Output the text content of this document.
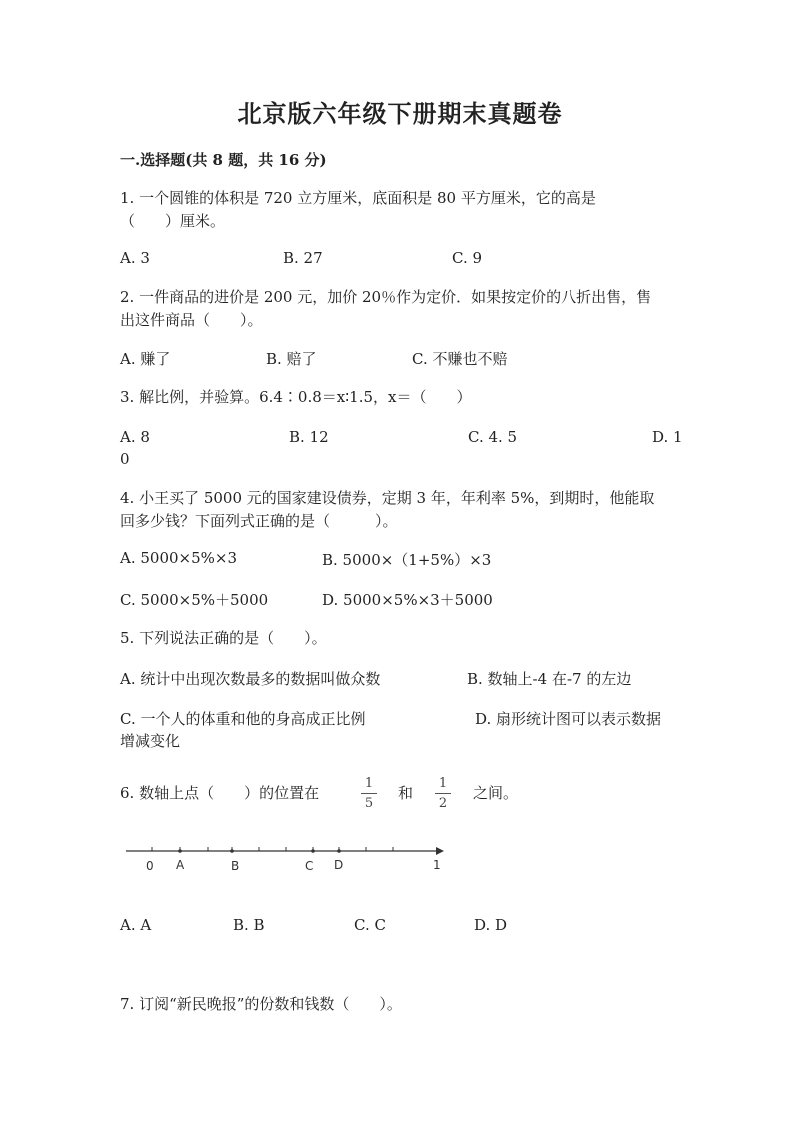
北京版六年级下册期末真题卷
一.选择题(共 8 题，共 16 分)
1. 一个圆锥的体积是 720 立方厘米，底面积是 80 平方厘米，它的高是
（　　）厘米。
A. 3	B. 27	C. 9
2. 一件商品的进价是 200 元，加价 20％作为定价．如果按定价的八折出售，售
出这件商品（　　）。
A. 赚了	B. 赔了	C. 不赚也不赔
3. 解比例，并验算。6.4∶0.8＝x∶1.5，x＝（　　）
A. 8	B. 12	C. 4. 5	D. 1
0
4. 小王买了 5000 元的国家建设债券，定期 3 年，年利率 5%，到期时，他能取
回多少钱？下面列式正确的是（　　　）。
A. 5000×5%×3	B. 5000×（1+5%）×3
C. 5000×5%＋5000	D. 5000×5%×3＋5000
5. 下列说法正确的是（　　）。
A. 统计中出现次数最多的数据叫做众数	B. 数轴上-4 在-7 的左边
C. 一个人的体重和他的身高成正比例	D. 扇形统计图可以表示数据
增减变化
6. 数轴上点（　　）的位置在
1
5
和
1
2
之间。
0 A	B	C D	1
A. A	B. B	C. C	D. D
7. 订阅“新民晚报”的份数和钱数（　　）。
